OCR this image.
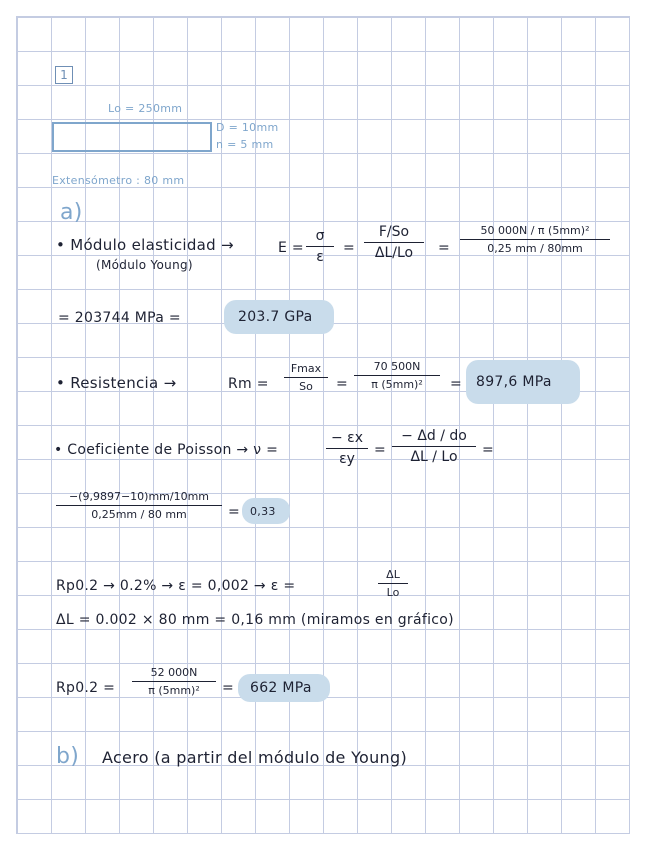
1
Lo = 250mm
D = 10mm
n = 5 mm
Extensómetro : 80 mm
a)
• Módulo elasticidad →
(Módulo Young)
E =
σ
ε
=
F/So
ΔL/Lo	=
50 000N / π (5mm)²
0,25 mm / 80mm
= 203744 MPa =	203.7 GPa
• Resistencia →	Rm =
Fmax
So	=
70 500N
π (5mm)²	= 897,6 MPa
• Coeficiente de Poisson → ν =
− εx
εy
=
− Δd / do
ΔL / Lo	=
−(9,9897−10)mm/10mm
0,25mm / 80 mm	= 0,33
Rp0.2 → 0.2% → ε = 0,002 → ε =
ΔL
Lo
ΔL = 0.002 × 80 mm = 0,16 mm (miramos en gráfico)
Rp0.2 =
52 000N
π (5mm)²	= 662 MPa
b) Acero (a partir del módulo de Young)
